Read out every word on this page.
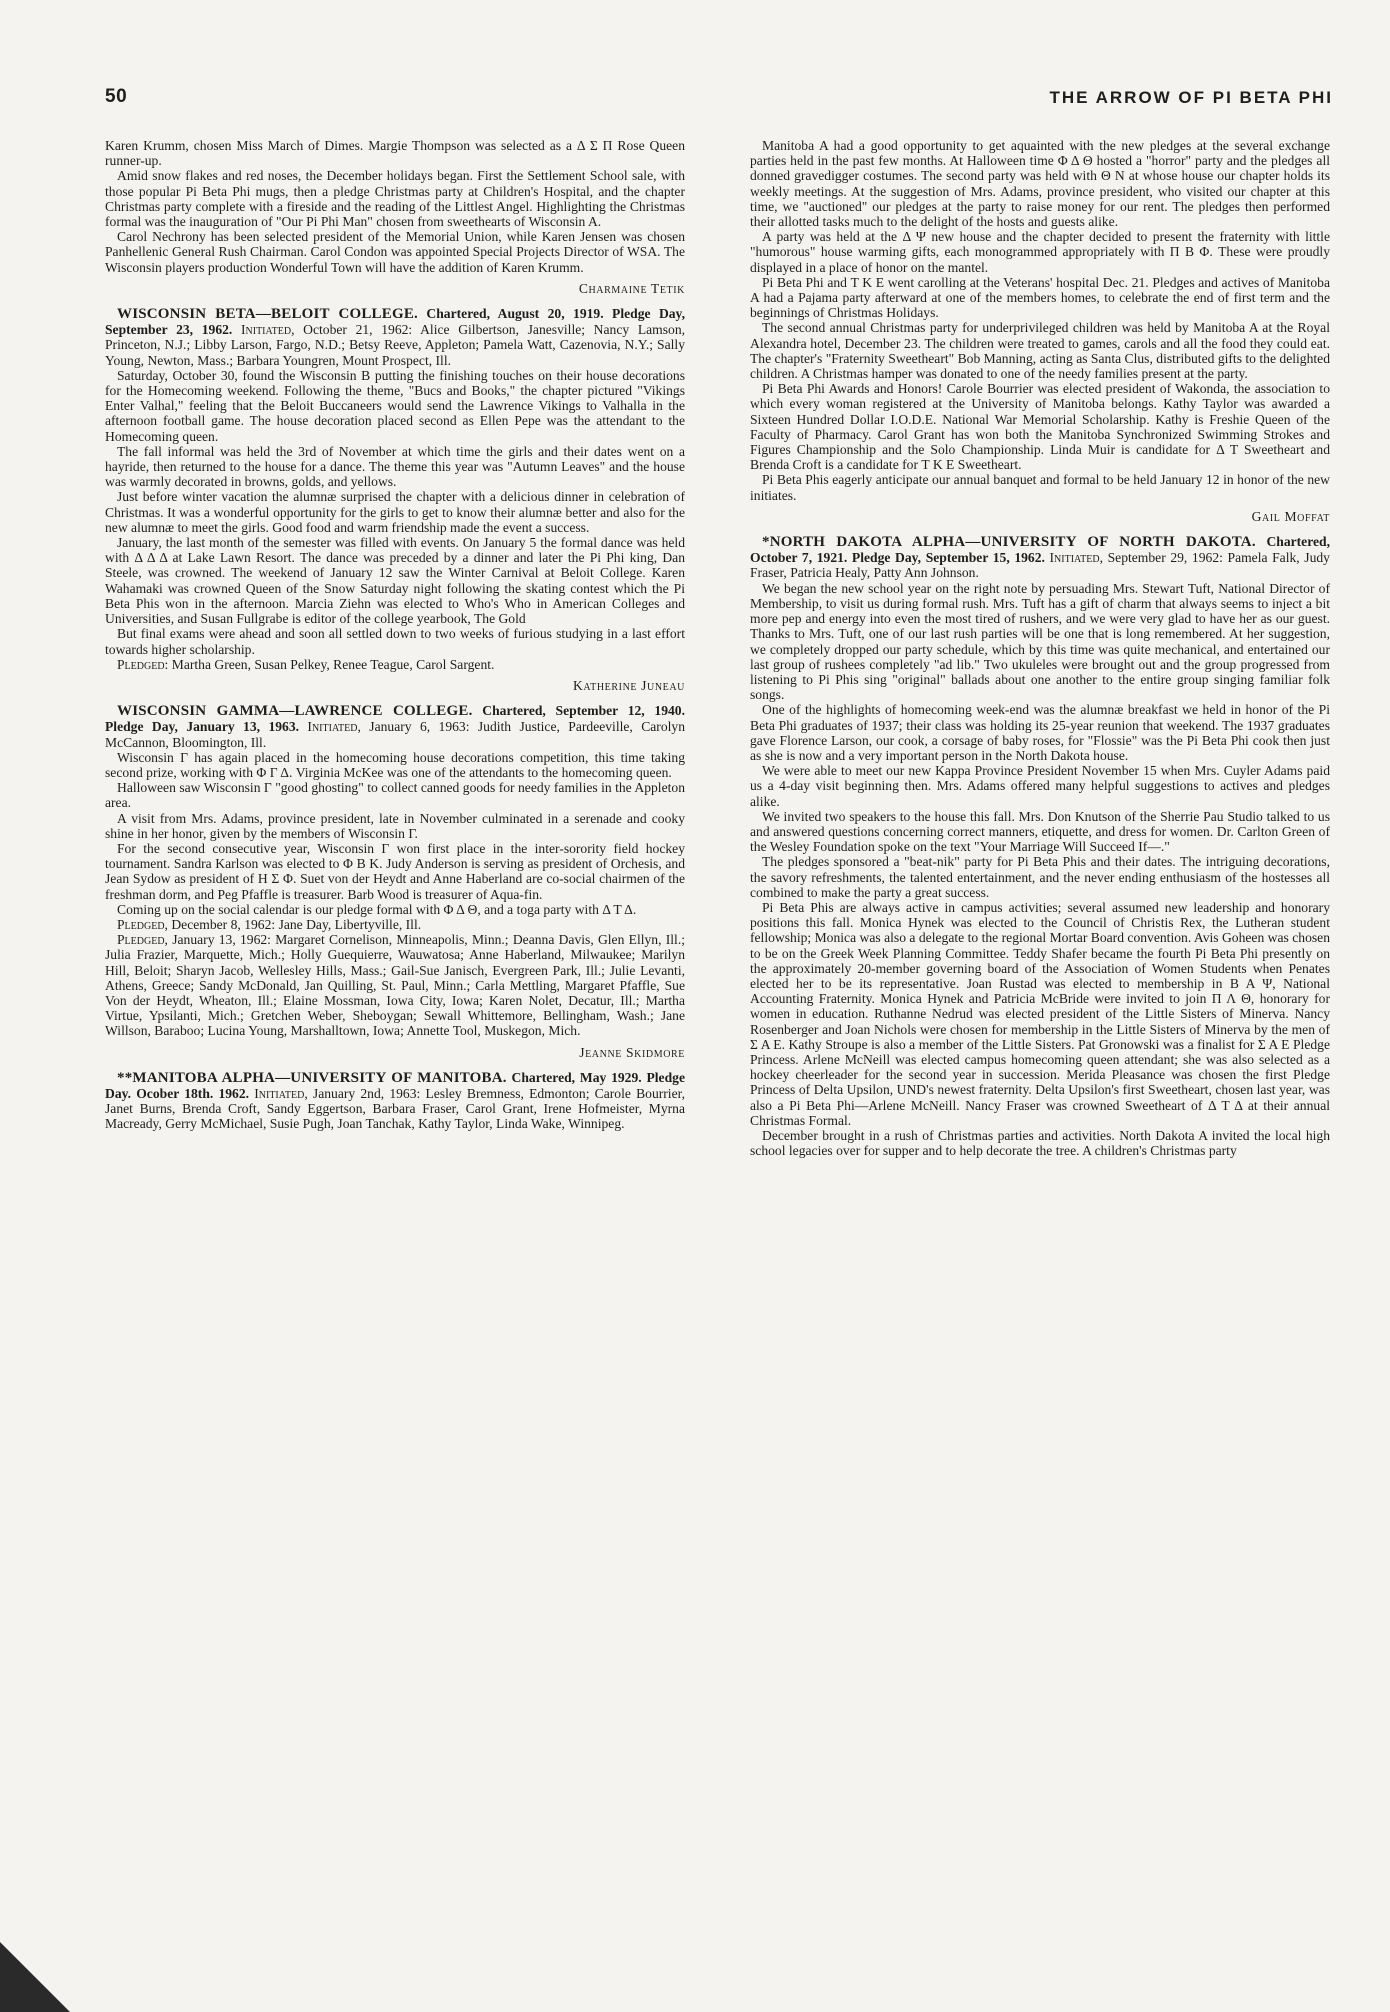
50	THE ARROW OF PI BETA PHI

Karen Krumm, chosen Miss March of Dimes. Margie Thompson was selected as a Δ Σ Π Rose Queen runner-up.

Amid snow flakes and red noses, the December holidays began. First the Settlement School sale, with those popular Pi Beta Phi mugs, then a pledge Christmas party at Children's Hospital, and the chapter Christmas party complete with a fireside and the reading of the Littlest Angel. Highlighting the Christmas formal was the inauguration of "Our Pi Phi Man" chosen from sweethearts of Wisconsin A.

Carol Nechrony has been selected president of the Memorial Union, while Karen Jensen was chosen Panhellenic General Rush Chairman. Carol Condon was appointed Special Projects Director of WSA. The Wisconsin players production Wonderful Town will have the addition of Karen Krumm.

Charmaine Tetik

WISCONSIN BETA—BELOIT COLLEGE. Chartered, August 20, 1919. Pledge Day, September 23, 1962. Initiated, October 21, 1962: Alice Gilbertson, Janesville; Nancy Lamson, Princeton, N.J.; Libby Larson, Fargo, N.D.; Betsy Reeve, Appleton; Pamela Watt, Cazenovia, N.Y.; Sally Young, Newton, Mass.; Barbara Youngren, Mount Prospect, Ill.

Saturday, October 30, found the Wisconsin B putting the finishing touches on their house decorations for the Homecoming weekend. Following the theme, "Bucs and Books," the chapter pictured "Vikings Enter Valhal," feeling that the Beloit Buccaneers would send the Lawrence Vikings to Valhalla in the afternoon football game. The house decoration placed second as Ellen Pepe was the attendant to the Homecoming queen.

The fall informal was held the 3rd of November at which time the girls and their dates went on a hayride, then returned to the house for a dance. The theme this year was "Autumn Leaves" and the house was warmly decorated in browns, golds, and yellows.

Just before winter vacation the alumnæ surprised the chapter with a delicious dinner in celebration of Christmas. It was a wonderful opportunity for the girls to get to know their alumnæ better and also for the new alumnæ to meet the girls. Good food and warm friendship made the event a success.

January, the last month of the semester was filled with events. On January 5 the formal dance was held with Δ Δ Δ at Lake Lawn Resort. The dance was preceded by a dinner and later the Pi Phi king, Dan Steele, was crowned. The weekend of January 12 saw the Winter Carnival at Beloit College. Karen Wahamaki was crowned Queen of the Snow Saturday night following the skating contest which the Pi Beta Phis won in the afternoon. Marcia Ziehn was elected to Who's Who in American Colleges and Universities, and Susan Fullgrabe is editor of the college yearbook, The Gold

But final exams were ahead and soon all settled down to two weeks of furious studying in a last effort towards higher scholarship.

Pledged: Martha Green, Susan Pelkey, Renee Teague, Carol Sargent.

Katherine Juneau

WISCONSIN GAMMA—LAWRENCE COLLEGE. Chartered, September 12, 1940. Pledge Day, January 13, 1963. Initiated, January 6, 1963: Judith Justice, Pardeeville, Carolyn McCannon, Bloomington, Ill.

Wisconsin Γ has again placed in the homecoming house decorations competition, this time taking second prize, working with Φ Γ Δ. Virginia McKee was one of the attendants to the homecoming queen.

Halloween saw Wisconsin Γ "good ghosting" to collect canned goods for needy families in the Appleton area.

A visit from Mrs. Adams, province president, late in November culminated in a serenade and cooky shine in her honor, given by the members of Wisconsin Γ.

For the second consecutive year, Wisconsin Γ won first place in the inter-sorority field hockey tournament. Sandra Karlson was elected to Φ Β Κ. Judy Anderson is serving as president of Orchesis, and Jean Sydow as president of Η Σ Φ. Suet von der Heydt and Anne Haberland are co-social chairmen of the freshman dorm, and Peg Pfaffle is treasurer. Barb Wood is treasurer of Aqua-fin.

Coming up on the social calendar is our pledge formal with Φ Δ Θ, and a toga party with Δ Τ Δ.

Pledged, December 8, 1962: Jane Day, Libertyville, Ill.

Pledged, January 13, 1962: Margaret Cornelison, Minneapolis, Minn.; Deanna Davis, Glen Ellyn, Ill.; Julia Frazier, Marquette, Mich.; Holly Guequierre, Wauwatosa; Anne Haberland, Milwaukee; Marilyn Hill, Beloit; Sharyn Jacob, Wellesley Hills, Mass.; Gail-Sue Janisch, Evergreen Park, Ill.; Julie Levanti, Athens, Greece; Sandy McDonald, Jan Quilling, St. Paul, Minn.; Carla Mettling, Margaret Pfaffle, Sue Von der Heydt, Wheaton, Ill.; Elaine Mossman, Iowa City, Iowa; Karen Nolet, Decatur, Ill.; Martha Virtue, Ypsilanti, Mich.; Gretchen Weber, Sheboygan; Sewall Whittemore, Bellingham, Wash.; Jane Willson, Baraboo; Lucina Young, Marshalltown, Iowa; Annette Tool, Muskegon, Mich.

Jeanne Skidmore

**MANITOBA ALPHA—UNIVERSITY OF MANITOBA. Chartered, May 1929. Pledge Day. Ocober 18th. 1962. Initiated, January 2nd, 1963: Lesley Bremness, Edmonton; Carole Bourrier, Janet Burns, Brenda Croft, Sandy Eggertson, Barbara Fraser, Carol Grant, Irene Hofmeister, Myrna Macready, Gerry McMichael, Susie Pugh, Joan Tanchak, Kathy Taylor, Linda Wake, Winnipeg.

Manitoba A had a good opportunity to get aquainted with the new pledges at the several exchange parties held in the past few months. At Halloween time Φ Δ Θ hosted a "horror" party and the pledges all donned gravedigger costumes. The second party was held with Θ Ν at whose house our chapter holds its weekly meetings. At the suggestion of Mrs. Adams, province president, who visited our chapter at this time, we "auctioned" our pledges at the party to raise money for our rent. The pledges then performed their allotted tasks much to the delight of the hosts and guests alike.

A party was held at the Δ Ψ new house and the chapter decided to present the fraternity with little "humorous" house warming gifts, each monogrammed appropriately with Π Β Φ. These were proudly displayed in a place of honor on the mantel.

Pi Beta Phi and Τ Κ Ε went carolling at the Veterans' hospital Dec. 21. Pledges and actives of Manitoba A had a Pajama party afterward at one of the members homes, to celebrate the end of first term and the beginnings of Christmas Holidays.

The second annual Christmas party for underprivileged children was held by Manitoba A at the Royal Alexandra hotel, December 23. The children were treated to games, carols and all the food they could eat. The chapter's "Fraternity Sweetheart" Bob Manning, acting as Santa Clus, distributed gifts to the delighted children. A Christmas hamper was donated to one of the needy families present at the party.

Pi Beta Phi Awards and Honors! Carole Bourrier was elected president of Wakonda, the association to which every woman registered at the University of Manitoba belongs. Kathy Taylor was awarded a Sixteen Hundred Dollar I.O.D.E. National War Memorial Scholarship. Kathy is Freshie Queen of the Faculty of Pharmacy. Carol Grant has won both the Manitoba Synchronized Swimming Strokes and Figures Championship and the Solo Championship. Linda Muir is candidate for Δ Τ Sweetheart and Brenda Croft is a candidate for Τ Κ Ε Sweetheart.

Pi Beta Phis eagerly anticipate our annual banquet and formal to be held January 12 in honor of the new initiates.

Gail Moffat

*NORTH DAKOTA ALPHA—UNIVERSITY OF NORTH DAKOTA. Chartered, October 7, 1921. Pledge Day, September 15, 1962. Initiated, September 29, 1962: Pamela Falk, Judy Fraser, Patricia Healy, Patty Ann Johnson.

We began the new school year on the right note by persuading Mrs. Stewart Tuft, National Director of Membership, to visit us during formal rush. Mrs. Tuft has a gift of charm that always seems to inject a bit more pep and energy into even the most tired of rushers, and we were very glad to have her as our guest. Thanks to Mrs. Tuft, one of our last rush parties will be one that is long remembered. At her suggestion, we completely dropped our party schedule, which by this time was quite mechanical, and entertained our last group of rushees completely "ad lib." Two ukuleles were brought out and the group progressed from listening to Pi Phis sing "original" ballads about one another to the entire group singing familiar folk songs.

One of the highlights of homecoming week-end was the alumnæ breakfast we held in honor of the Pi Beta Phi graduates of 1937; their class was holding its 25-year reunion that weekend. The 1937 graduates gave Florence Larson, our cook, a corsage of baby roses, for "Flossie" was the Pi Beta Phi cook then just as she is now and a very important person in the North Dakota house.

We were able to meet our new Kappa Province President November 15 when Mrs. Cuyler Adams paid us a 4-day visit beginning then. Mrs. Adams offered many helpful suggestions to actives and pledges alike.

We invited two speakers to the house this fall. Mrs. Don Knutson of the Sherrie Pau Studio talked to us and answered questions concerning correct manners, etiquette, and dress for women. Dr. Carlton Green of the Wesley Foundation spoke on the text "Your Marriage Will Succeed If—."

The pledges sponsored a "beat-nik" party for Pi Beta Phis and their dates. The intriguing decorations, the savory refreshments, the talented entertainment, and the never ending enthusiasm of the hostesses all combined to make the party a great success.

Pi Beta Phis are always active in campus activities; several assumed new leadership and honorary positions this fall. Monica Hynek was elected to the Council of Christis Rex, the Lutheran student fellowship; Monica was also a delegate to the regional Mortar Board convention. Avis Goheen was chosen to be on the Greek Week Planning Committee. Teddy Shafer became the fourth Pi Beta Phi presently on the approximately 20-member governing board of the Association of Women Students when Penates elected her to be its representative. Joan Rustad was elected to membership in Β Α Ψ, National Accounting Fraternity. Monica Hynek and Patricia McBride were invited to join Π Λ Θ, honorary for women in education. Ruthanne Nedrud was elected president of the Little Sisters of Minerva. Nancy Rosenberger and Joan Nichols were chosen for membership in the Little Sisters of Minerva by the men of Σ Α Ε. Kathy Stroupe is also a member of the Little Sisters. Pat Gronowski was a finalist for Σ Α Ε Pledge Princess. Arlene McNeill was elected campus homecoming queen attendant; she was also selected as a hockey cheerleader for the second year in succession. Merida Pleasance was chosen the first Pledge Princess of Delta Upsilon, UND's newest fraternity. Delta Upsilon's first Sweetheart, chosen last year, was also a Pi Beta Phi—Arlene McNeill. Nancy Fraser was crowned Sweetheart of Δ Τ Δ at their annual Christmas Formal.

December brought in a rush of Christmas parties and activities. North Dakota A invited the local high school legacies over for supper and to help decorate the tree. A children's Christmas party
